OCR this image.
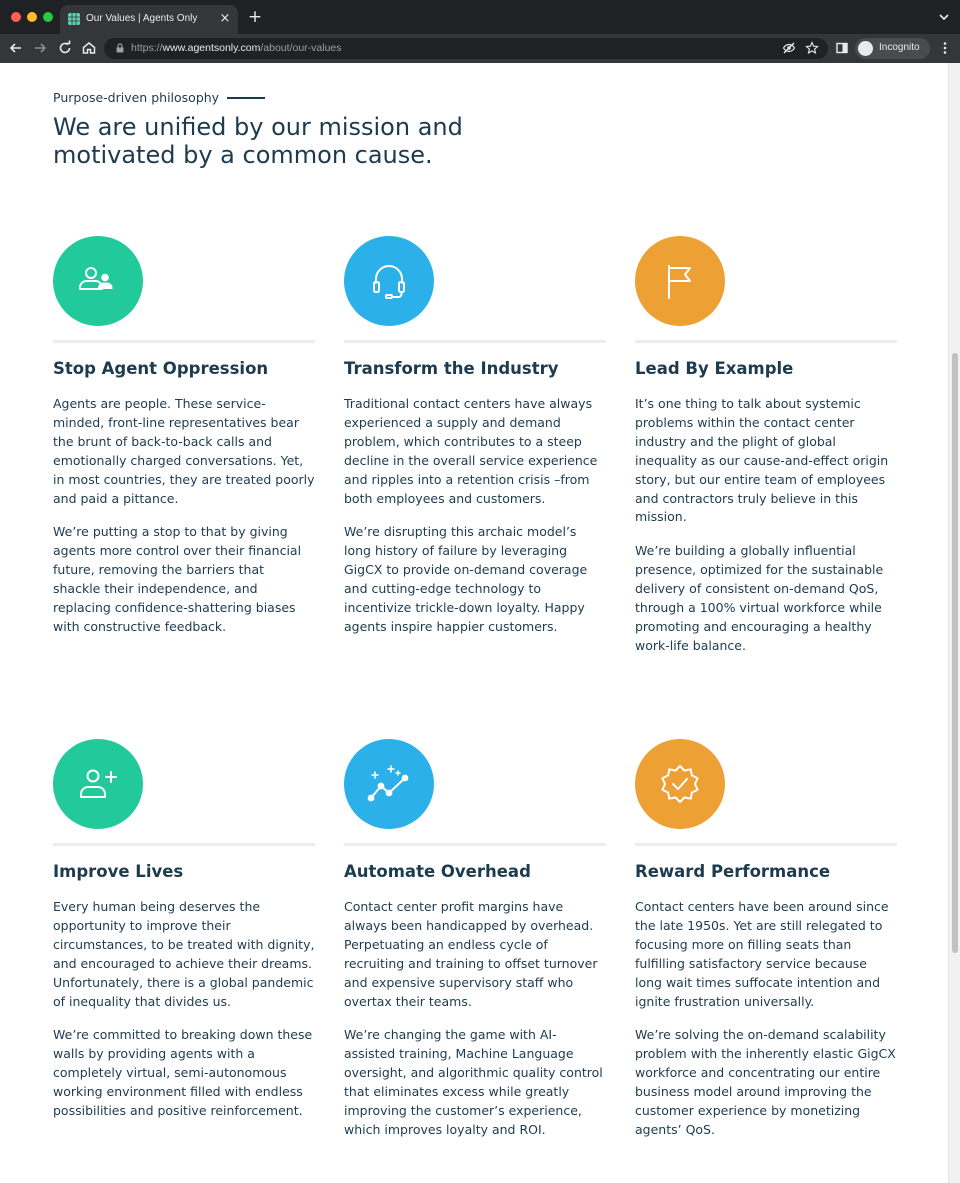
Our Values | Agents Only × +
https://www.agentsonly.com/about/our-values	Incognito
Purpose-driven philosophy
We are unified by our mission and motivated by a common cause.
Stop Agent Oppression

Agents are people. These service-minded, front-line representatives bear the brunt of back-to-back calls and emotionally charged conversations. Yet, in most countries, they are treated poorly and paid a pittance.

We’re putting a stop to that by giving agents more control over their financial future, removing the barriers that shackle their independence, and replacing confidence-shattering biases with constructive feedback.

Transform the Industry

Traditional contact centers have always experienced a supply and demand problem, which contributes to a steep decline in the overall service experience and ripples into a retention crisis –from both employees and customers.

We’re disrupting this archaic model’s long history of failure by leveraging GigCX to provide on-demand coverage and cutting-edge technology to incentivize trickle-down loyalty. Happy agents inspire happier customers.

Lead By Example

It’s one thing to talk about systemic problems within the contact center industry and the plight of global inequality as our cause-and-effect origin story, but our entire team of employees and contractors truly believe in this mission.

We’re building a globally influential presence, optimized for the sustainable delivery of consistent on-demand QoS, through a 100% virtual workforce while promoting and encouraging a healthy work-life balance.

Improve Lives

Every human being deserves the opportunity to improve their circumstances, to be treated with dignity, and encouraged to achieve their dreams. Unfortunately, there is a global pandemic of inequality that divides us.

We’re committed to breaking down these walls by providing agents with a completely virtual, semi-autonomous working environment filled with endless possibilities and positive reinforcement.

Automate Overhead

Contact center profit margins have always been handicapped by overhead. Perpetuating an endless cycle of recruiting and training to offset turnover and expensive supervisory staff who overtax their teams.

We’re changing the game with AI-assisted training, Machine Language oversight, and algorithmic quality control that eliminates excess while greatly improving the customer’s experience, which improves loyalty and ROI.

Reward Performance

Contact centers have been around since the late 1950s. Yet are still relegated to focusing more on filling seats than fulfilling satisfactory service because long wait times suffocate intention and ignite frustration universally.

We’re solving the on-demand scalability problem with the inherently elastic GigCX workforce and concentrating our entire business model around improving the customer experience by monetizing agents’ QoS.
